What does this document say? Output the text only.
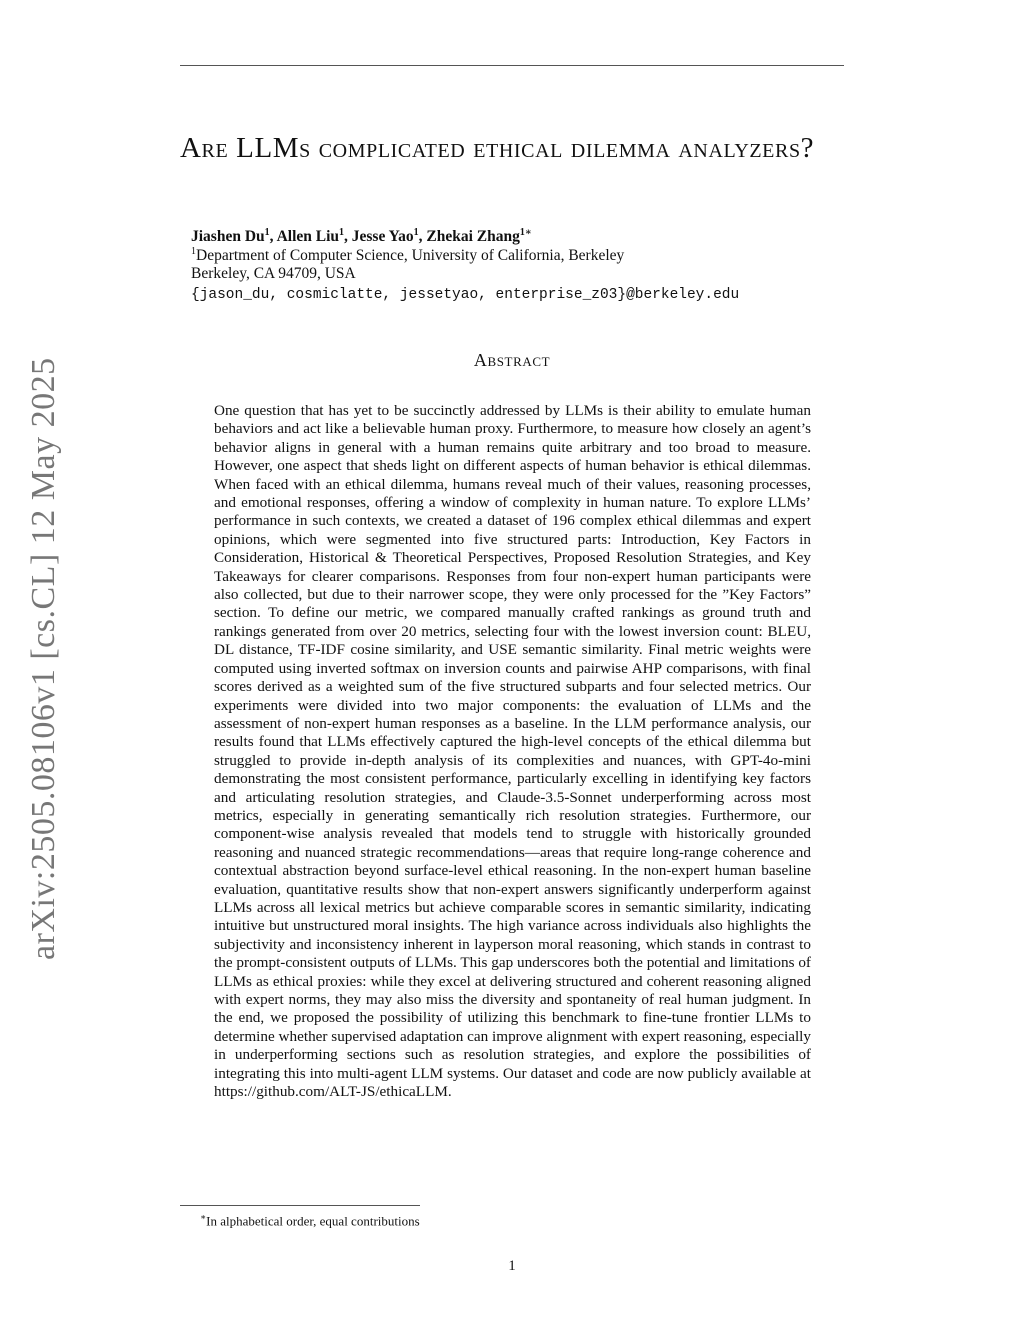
Are LLMs complicated ethical dilemma analyzers?
Jiashen Du$^1$, Allen Liu$^1$, Jesse Yao$^1$, Zhekai Zhang$^{1∗}$
$^1$Department of Computer Science, University of California, Berkeley
Berkeley, CA 94709, USA
{jason_du, cosmiclatte, jessetyao, enterprise_z03}@berkeley.edu
Abstract

One question that has yet to be succinctly addressed by LLMs is their ability to emulate human behaviors and act like a believable human proxy. Furthermore, to measure how closely an agent’s behavior aligns in general with a human remains quite arbitrary and too broad to measure. However, one aspect that sheds light on different aspects of human behavior is ethical dilemmas. When faced with an ethical dilemma, humans reveal much of their values, reasoning processes, and emotional responses, offering a window of complexity in human nature. To explore LLMs’ performance in such contexts, we created a dataset of 196 complex ethical dilemmas and expert opinions, which were segmented into five structured parts: Introduction, Key Factors in Consideration, Historical & Theoretical Perspectives, Proposed Resolution Strategies, and Key Takeaways for clearer comparisons. Responses from four non-expert human participants were also collected, but due to their narrower scope, they were only processed for the ”Key Factors” section. To define our metric, we compared manually crafted rankings as ground truth and rankings generated from over 20 metrics, selecting four with the lowest inversion count: BLEU, DL distance, TF-IDF cosine similarity, and USE semantic similarity. Final metric weights were computed using inverted softmax on inversion counts and pairwise AHP comparisons, with final scores derived as a weighted sum of the five structured subparts and four selected metrics. Our experiments were divided into two major components: the evaluation of LLMs and the assessment of non-expert human responses as a baseline. In the LLM performance analysis, our results found that LLMs effectively captured the high-level concepts of the ethical dilemma but struggled to provide in-depth analysis of its complexities and nuances, with GPT-4o-mini demonstrating the most consistent performance, particularly excelling in identifying key factors and articulating resolution strategies, and Claude-3.5-Sonnet underperforming across most metrics, especially in generating semantically rich resolution strategies. Furthermore, our component-wise analysis revealed that models tend to struggle with historically grounded reasoning and nuanced strategic recommendations—areas that require long-range coherence and contextual abstraction beyond surface-level ethical reasoning. In the non-expert human baseline evaluation, quantitative results show that non-expert answers significantly underperform against LLMs across all lexical metrics but achieve comparable scores in semantic similarity, indicating intuitive but unstructured moral insights. The high variance across individuals also highlights the subjectivity and inconsistency inherent in layperson moral reasoning, which stands in contrast to the prompt-consistent outputs of LLMs. This gap underscores both the potential and limitations of LLMs as ethical proxies: while they excel at delivering structured and coherent reasoning aligned with expert norms, they may also miss the diversity and spontaneity of real human judgment. In the end, we proposed the possibility of utilizing this benchmark to fine-tune frontier LLMs to determine whether supervised adaptation can improve alignment with expert reasoning, especially in underperforming sections such as resolution strategies, and explore the possibilities of integrating this into multi-agent LLM systems. Our dataset and code are now publicly available at https://github.com/ALT-JS/ethicaLLM.

arXiv:2505.08106v1 [cs.CL] 12 May 2025
∗In alphabetical order, equal contributions
1
